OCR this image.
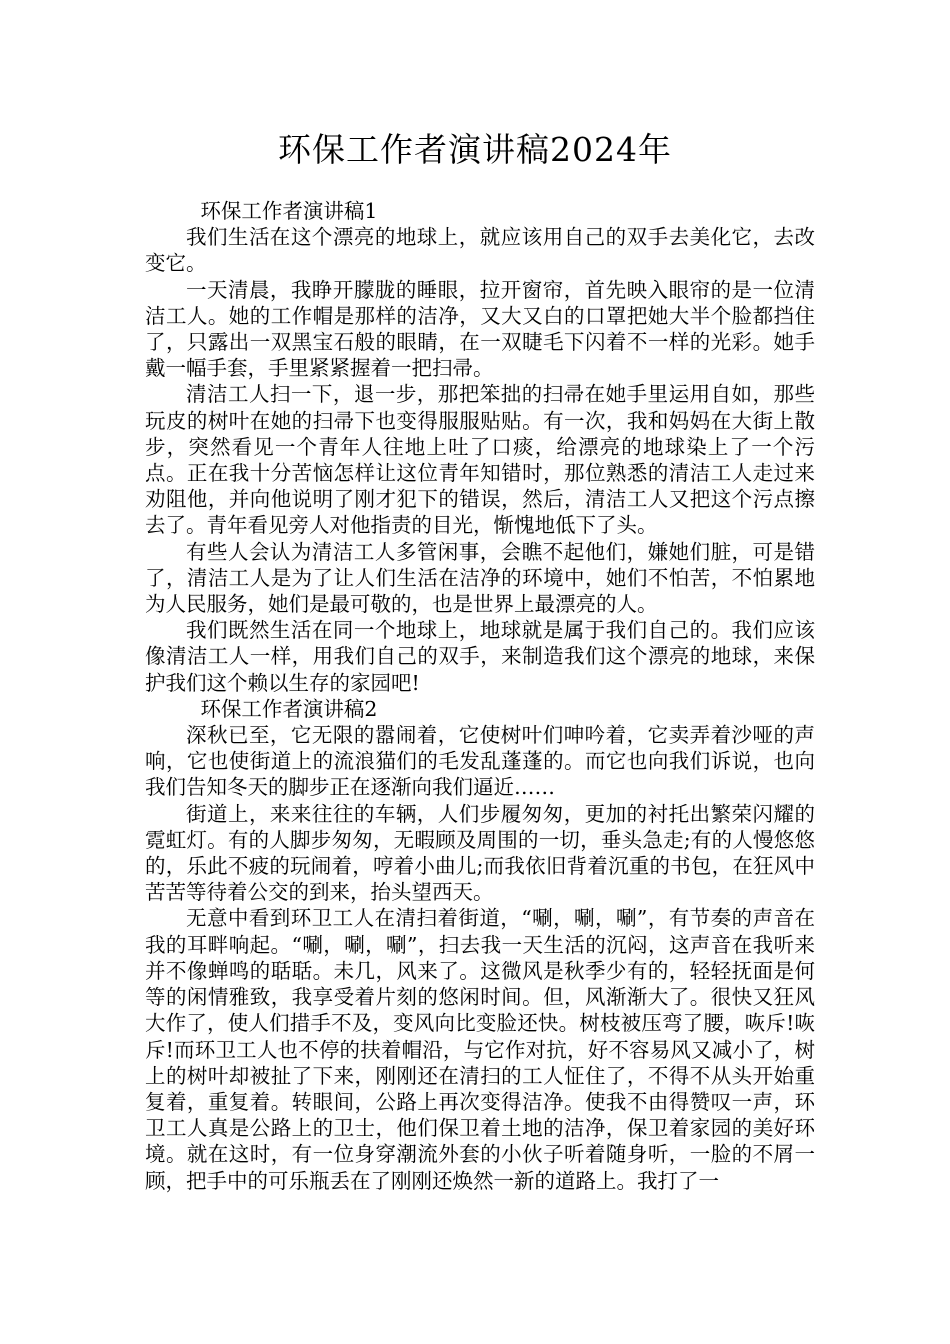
环保工作者演讲稿2024年

环保工作者演讲稿1

我们生活在这个漂亮的地球上，就应该用自己的双手去美化它，去改变它。

一天清晨，我睁开朦胧的睡眼，拉开窗帘，首先映入眼帘的是一位清洁工人。她的工作帽是那样的洁净，又大又白的口罩把她大半个脸都挡住了，只露出一双黑宝石般的眼睛，在一双睫毛下闪着不一样的光彩。她手戴一幅手套，手里紧紧握着一把扫帚。

清洁工人扫一下，退一步，那把笨拙的扫帚在她手里运用自如，那些玩皮的树叶在她的扫帚下也变得服服贴贴。有一次，我和妈妈在大街上散步，突然看见一个青年人往地上吐了口痰，给漂亮的地球染上了一个污点。正在我十分苦恼怎样让这位青年知错时，那位熟悉的清洁工人走过来劝阻他，并向他说明了刚才犯下的错误，然后，清洁工人又把这个污点擦去了。青年看见旁人对他指责的目光，惭愧地低下了头。

有些人会认为清洁工人多管闲事，会瞧不起他们，嫌她们脏，可是错了，清洁工人是为了让人们生活在洁净的环境中，她们不怕苦，不怕累地为人民服务，她们是最可敬的，也是世界上最漂亮的人。

我们既然生活在同一个地球上，地球就是属于我们自己的。我们应该像清洁工人一样，用我们自己的双手，来制造我们这个漂亮的地球，来保护我们这个赖以生存的家园吧!

环保工作者演讲稿2

深秋已至，它无限的嚣闹着，它使树叶们呻吟着，它卖弄着沙哑的声响，它也使街道上的流浪猫们的毛发乱蓬蓬的。而它也向我们诉说，也向我们告知冬天的脚步正在逐渐向我们逼近……

街道上，来来往往的车辆，人们步履匆匆，更加的衬托出繁荣闪耀的霓虹灯。有的人脚步匆匆，无暇顾及周围的一切，垂头急走;有的人慢悠悠的，乐此不疲的玩闹着，哼着小曲儿;而我依旧背着沉重的书包，在狂风中苦苦等待着公交的到来，抬头望西天。

无意中看到环卫工人在清扫着街道，“唰，唰，唰”，有节奏的声音在我的耳畔响起。“唰，唰，唰”，扫去我一天生活的沉闷，这声音在我听来并不像蝉鸣的聒聒。未几，风来了。这微风是秋季少有的，轻轻抚面是何等的闲情雅致，我享受着片刻的悠闲时间。但，风渐渐大了。很快又狂风大作了，使人们措手不及，变风向比变脸还快。树枝被压弯了腰，咴斥!咴斥!而环卫工人也不停的扶着帽沿，与它作对抗，好不容易风又减小了，树上的树叶却被扯了下来，刚刚还在清扫的工人怔住了，不得不从头开始重复着，重复着。转眼间，公路上再次变得洁净。使我不由得赞叹一声，环卫工人真是公路上的卫士，他们保卫着土地的洁净，保卫着家园的美好环境。就在这时，有一位身穿潮流外套的小伙子听着随身听，一脸的不屑一顾，把手中的可乐瓶丢在了刚刚还焕然一新的道路上。我打了一
